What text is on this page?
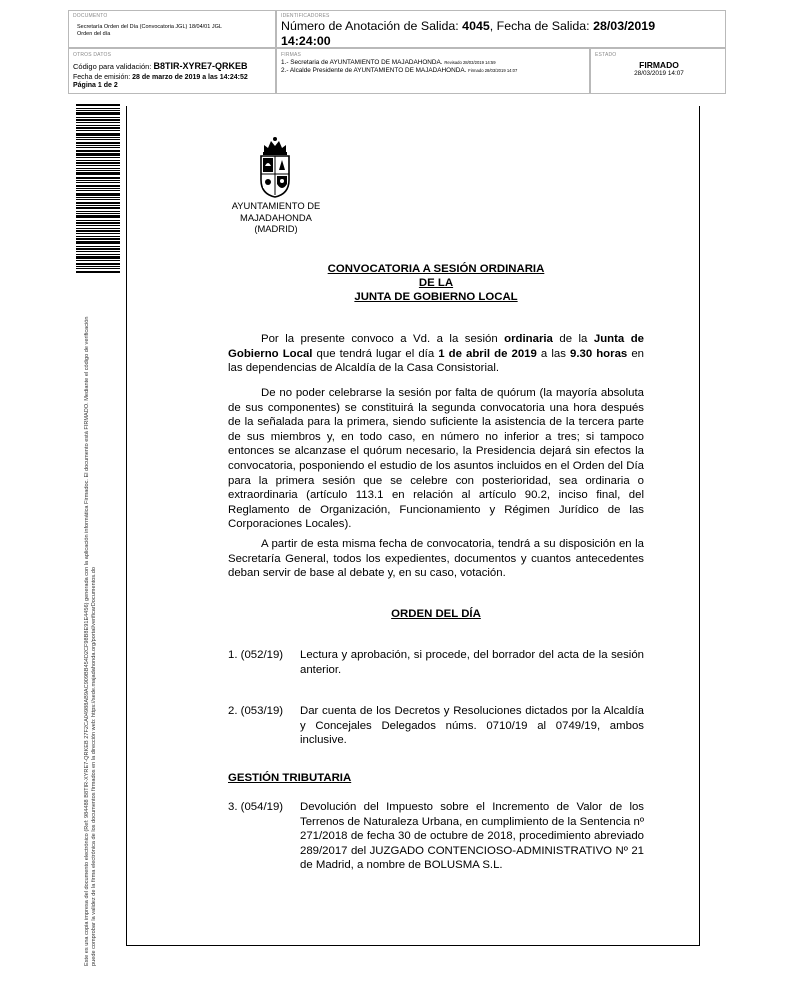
DOCUMENTO
Secretaría Orden del Día (Convocatoria JGL) 18/04/01 JGL Orden del día
IDENTIFICADORES
Número de Anotación de Salida: 4045, Fecha de Salida: 28/03/2019
14:24:00
OTROS DATOS
Código para validación: B8TIR-XYRE7-QRKEB
Fecha de emisión: 28 de marzo de 2019 a las 14:24:52
Página 1 de 2
FIRMAS
1.- Secretaria de AYUNTAMIENTO DE MAJADAHONDA. Revisado 28/03/2019 14:59
2.- Alcalde Presidente de AYUNTAMIENTO DE MAJADAHONDA. Firmado 28/03/2019 14:07
ESTADO
FIRMADO
28/03/2019 14:07
Este es una copia impresa del documento electrónico (Ref: 984488 B8TIR-XYRE7-QRKEB 27F2CA04988AB9AC909BB454D2CF98B8E91E4456) generada con la aplicación informática Firmadoc. El documento está FIRMADO. Mediante el código de verificación puede comprobar la validez de la firma electrónica de los documentos firmados en la dirección web: https://sede.majadahonda.org/portal/verificarDocumentos.do
AYUNTAMIENTO DE
MAJADAHONDA
(MADRID)
CONVOCATORIA A SESIÓN ORDINARIA
DE LA
JUNTA DE GOBIERNO LOCAL
Por la presente convoco a Vd. a la sesión ordinaria de la Junta de Gobierno Local que tendrá lugar el día 1 de abril de 2019 a las 9.30 horas en las dependencias de Alcaldía de la Casa Consistorial.
De no poder celebrarse la sesión por falta de quórum (la mayoría absoluta de sus componentes) se constituirá la segunda convocatoria una hora después de la señalada para la primera, siendo suficiente la asistencia de la tercera parte de sus miembros y, en todo caso, en número no inferior a tres; si tampoco entonces se alcanzase el quórum necesario, la Presidencia dejará sin efectos la convocatoria, posponiendo el estudio de los asuntos incluidos en el Orden del Día para la primera sesión que se celebre con posterioridad, sea ordinaria o extraordinaria (artículo 113.1 en relación al artículo 90.2, inciso final, del Reglamento de Organización, Funcionamiento y Régimen Jurídico de las Corporaciones Locales).
A partir de esta misma fecha de convocatoria, tendrá a su disposición en la Secretaría General, todos los expedientes, documentos y cuantos antecedentes deban servir de base al debate y, en su caso, votación.
ORDEN DEL DÍA
1. (052/19) Lectura y aprobación, si procede, del borrador del acta de la sesión anterior.
2. (053/19) Dar cuenta de los Decretos y Resoluciones dictados por la Alcaldía y Concejales Delegados núms. 0710/19 al 0749/19, ambos inclusive.
GESTIÓN TRIBUTARIA
3. (054/19) Devolución del Impuesto sobre el Incremento de Valor de los Terrenos de Naturaleza Urbana, en cumplimiento de la Sentencia nº 271/2018 de fecha 30 de octubre de 2018, procedimiento abreviado 289/2017 del JUZGADO CONTENCIOSO-ADMINISTRATIVO Nº 21 de Madrid, a nombre de BOLUSMA S.L.
